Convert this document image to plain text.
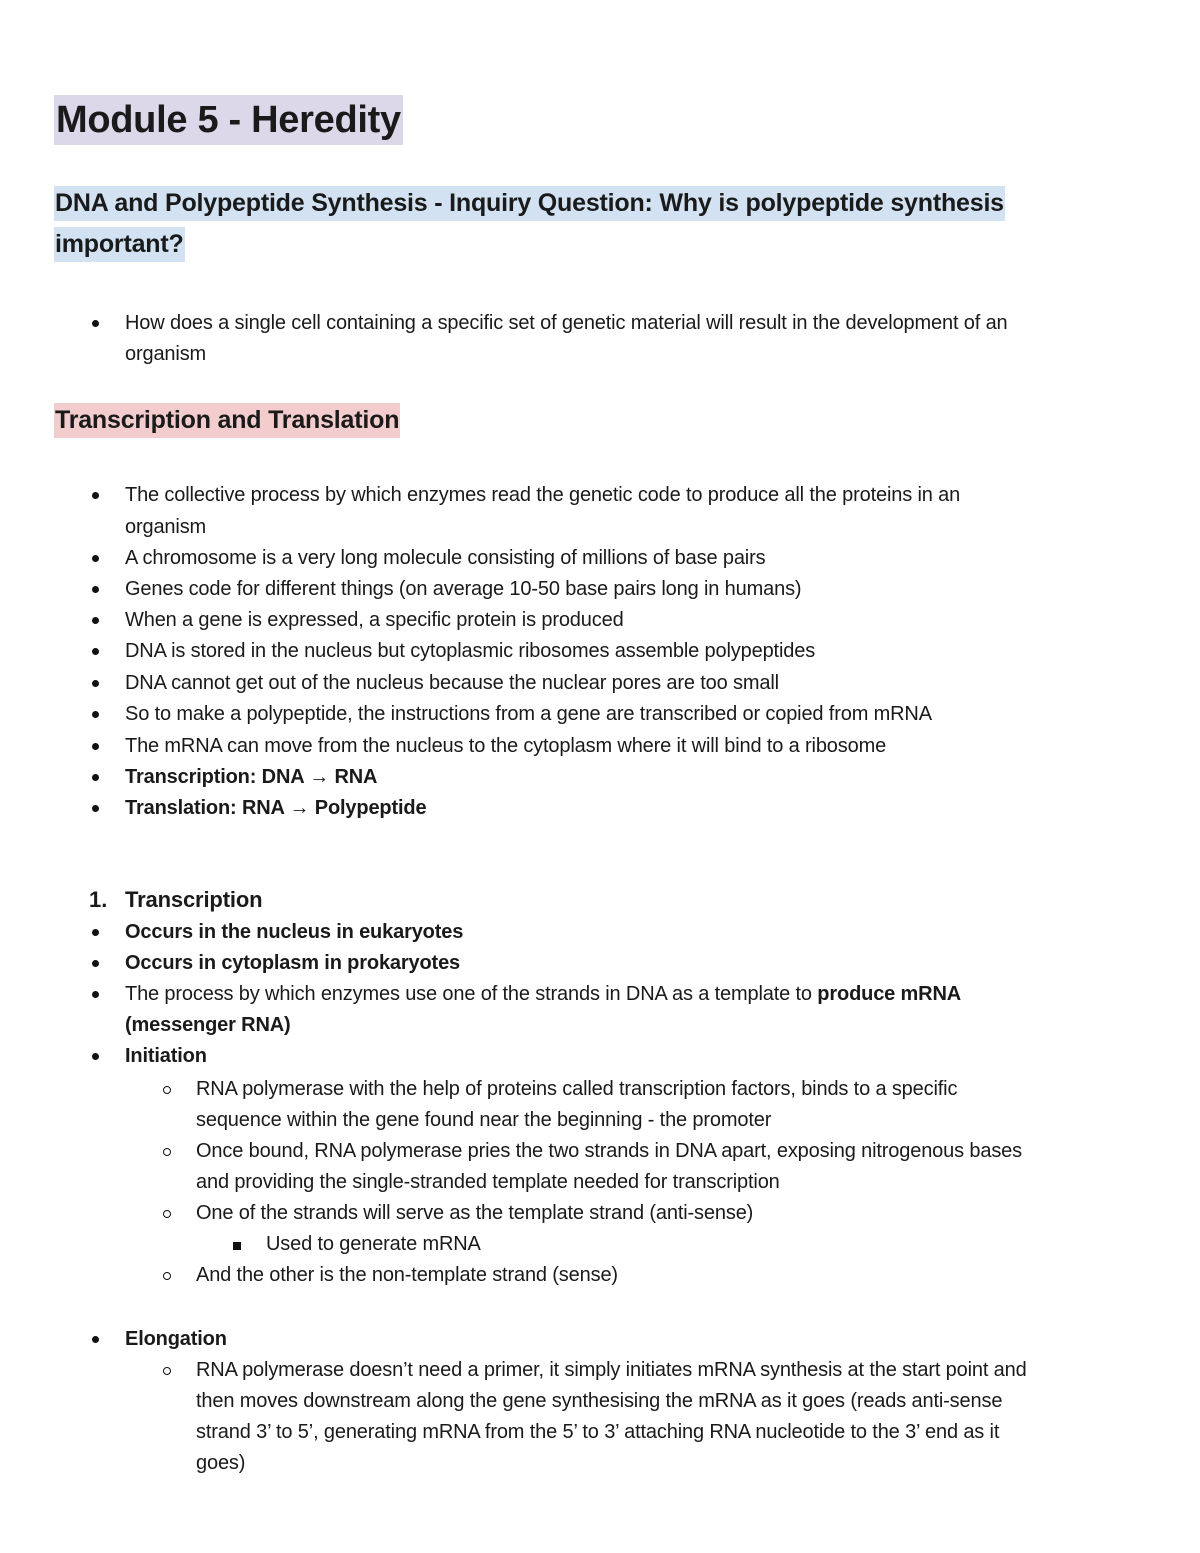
Module 5 - Heredity
DNA and Polypeptide Synthesis - Inquiry Question: Why is polypeptide synthesis
important?
How does a single cell containing a specific set of genetic material will result in the development of an
organism
Transcription and Translation
The collective process by which enzymes read the genetic code to produce all the proteins in an
organism
A chromosome is a very long molecule consisting of millions of base pairs
Genes code for different things (on average 10-50 base pairs long in humans)
When a gene is expressed, a specific protein is produced
DNA is stored in the nucleus but cytoplasmic ribosomes assemble polypeptides
DNA cannot get out of the nucleus because the nuclear pores are too small
So to make a polypeptide, the instructions from a gene are transcribed or copied from mRNA
The mRNA can move from the nucleus to the cytoplasm where it will bind to a ribosome
Transcription: DNA → RNA
Translation: RNA → Polypeptide
1. Transcription
Occurs in the nucleus in eukaryotes
Occurs in cytoplasm in prokaryotes
The process by which enzymes use one of the strands in DNA as a template to produce mRNA
(messenger RNA)
Initiation
RNA polymerase with the help of proteins called transcription factors, binds to a specific
sequence within the gene found near the beginning - the promoter
Once bound, RNA polymerase pries the two strands in DNA apart, exposing nitrogenous bases
and providing the single-stranded template needed for transcription
One of the strands will serve as the template strand (anti-sense)
Used to generate mRNA
And the other is the non-template strand (sense)
Elongation
RNA polymerase doesn’t need a primer, it simply initiates mRNA synthesis at the start point and
then moves downstream along the gene synthesising the mRNA as it goes (reads anti-sense
strand 3’ to 5’, generating mRNA from the 5’ to 3’ attaching RNA nucleotide to the 3’ end as it
goes)
